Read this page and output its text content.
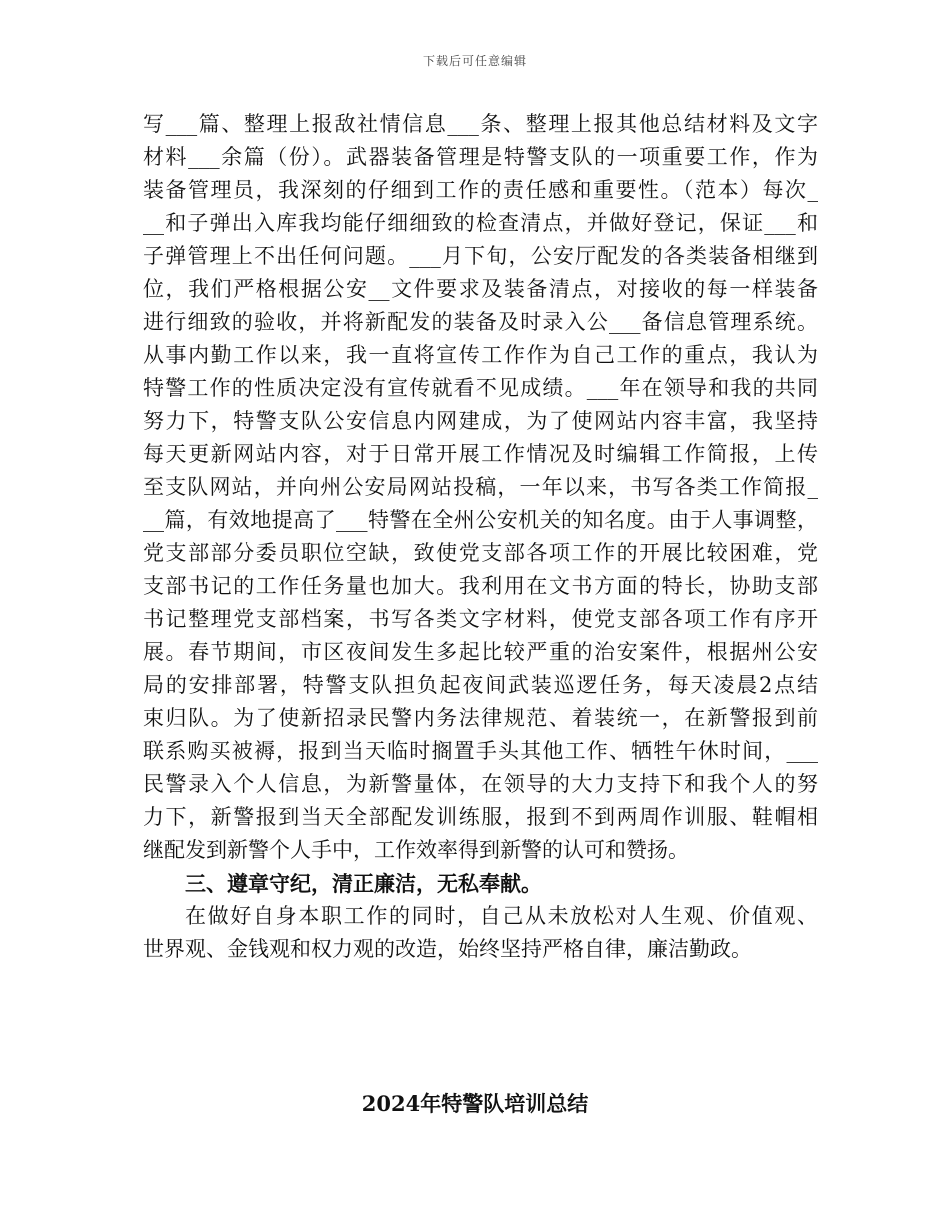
下载后可任意编辑
写___篇、整理上报敌社情信息___条、整理上报其他总结材料及文字
材料___余篇（份）。武器装备管理是特警支队的一项重要工作，作为
装备管理员，我深刻的仔细到工作的责任感和重要性。（范本）每次_
__和子弹出入库我均能仔细细致的检查清点，并做好登记，保证___和
子弹管理上不出任何问题。___月下旬，公安厅配发的各类装备相继到
位，我们严格根据公安__文件要求及装备清点，对接收的每一样装备
进行细致的验收，并将新配发的装备及时录入公___备信息管理系统。
从事内勤工作以来，我一直将宣传工作作为自己工作的重点，我认为
特警工作的性质决定没有宣传就看不见成绩。___年在领导和我的共同
努力下，特警支队公安信息内网建成，为了使网站内容丰富，我坚持
每天更新网站内容，对于日常开展工作情况及时编辑工作简报，上传
至支队网站，并向州公安局网站投稿，一年以来，书写各类工作简报_
__篇，有效地提高了___特警在全州公安机关的知名度。由于人事调整，
党支部部分委员职位空缺，致使党支部各项工作的开展比较困难，党
支部书记的工作任务量也加大。我利用在文书方面的特长，协助支部
书记整理党支部档案，书写各类文字材料，使党支部各项工作有序开
展。春节期间，市区夜间发生多起比较严重的治安案件，根据州公安
局的安排部署，特警支队担负起夜间武装巡逻任务，每天凌晨2点结
束归队。为了使新招录民警内务法律规范、着装统一，在新警报到前
联系购买被褥，报到当天临时搁置手头其他工作、牺牲午休时间，___
民警录入个人信息，为新警量体，在领导的大力支持下和我个人的努
力下，新警报到当天全部配发训练服，报到不到两周作训服、鞋帽相
继配发到新警个人手中，工作效率得到新警的认可和赞扬。
三、遵章守纪，清正廉洁，无私奉献。
在做好自身本职工作的同时，自己从未放松对人生观、价值观、
世界观、金钱观和权力观的改造，始终坚持严格自律，廉洁勤政。
2024年特警队培训总结
